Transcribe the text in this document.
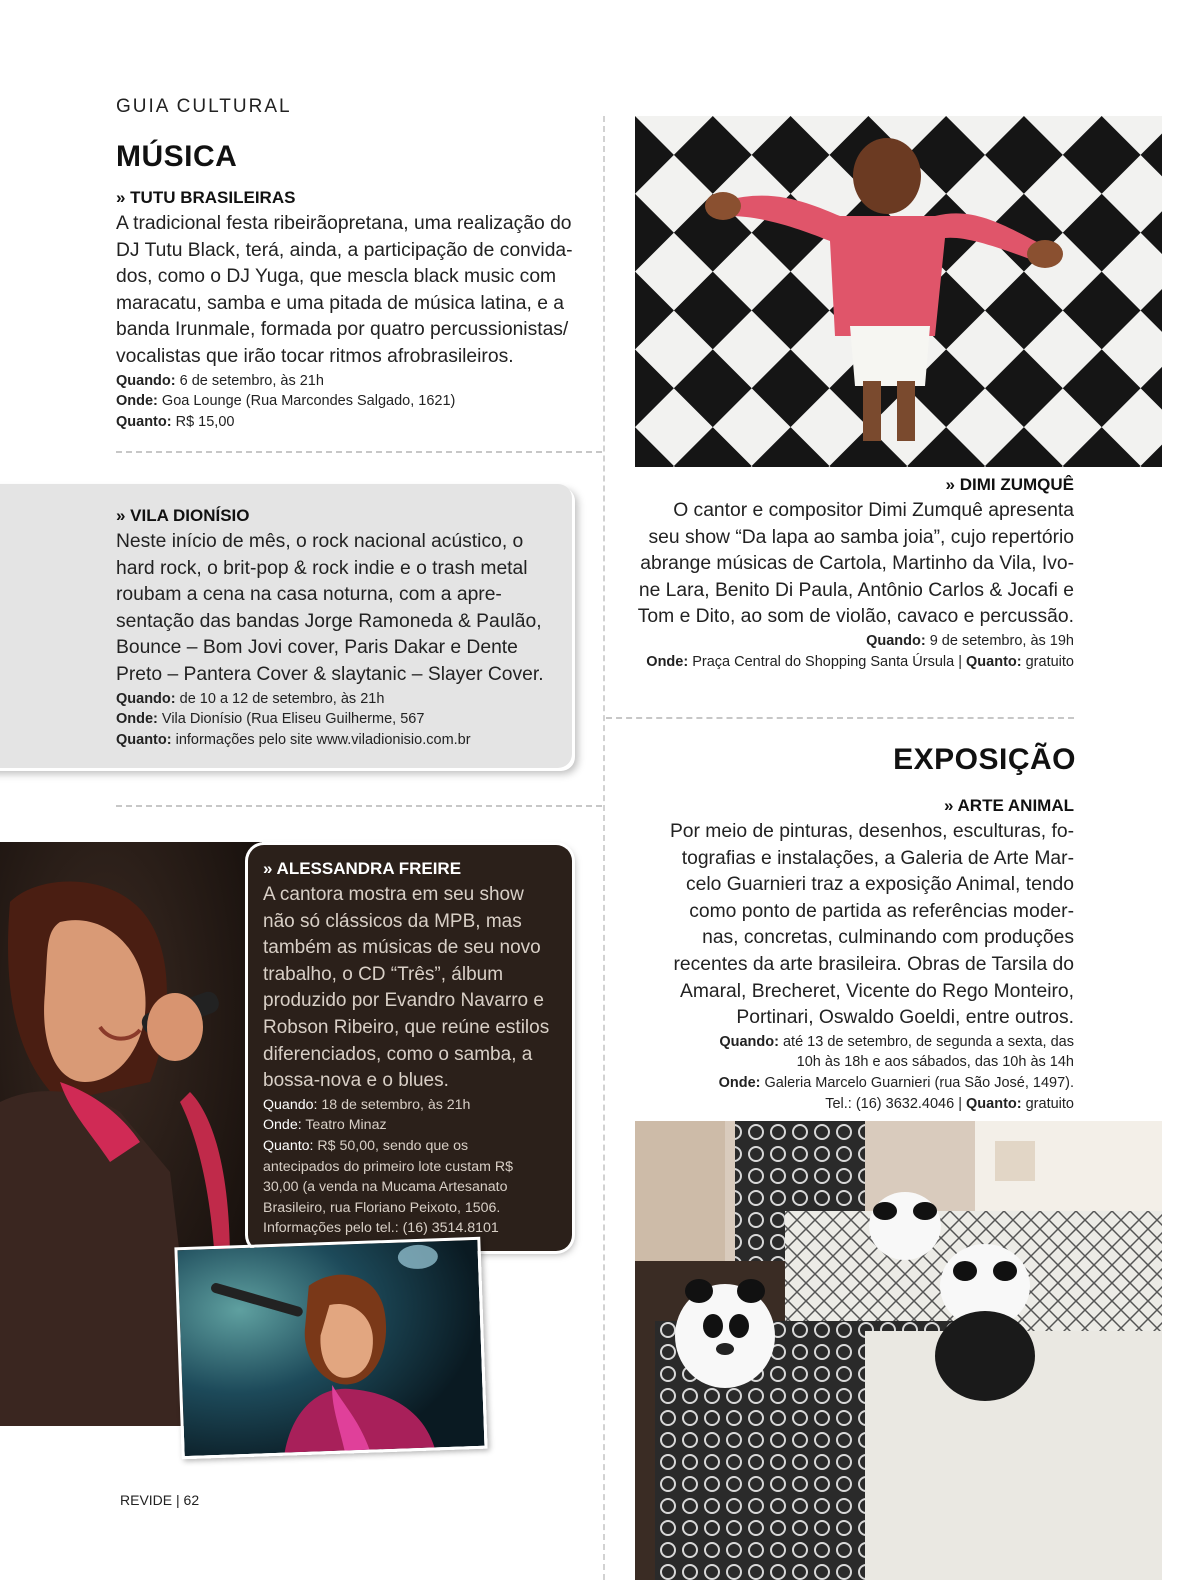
GUIA CULTURAL
MÚSICA
» TUTU BRASILEIRAS
A tradicional festa ribeirãopretana, uma realização do
DJ Tutu Black, terá, ainda, a participação de convida-
dos, como o DJ Yuga, que mescla black music com
maracatu, samba e uma pitada de música latina, e a
banda Irunmale, formada por quatro percussionistas/
vocalistas que irão tocar ritmos afrobrasileiros.
Quando: 6 de setembro, às 21h
Onde: Goa Lounge (Rua Marcondes Salgado, 1621)
Quanto: R$ 15,00
» VILA DIONÍSIO
Neste início de mês, o rock nacional acústico, o
hard rock, o brit-pop & rock indie e o trash metal
roubam a cena na casa noturna, com a apre-
sentação das bandas Jorge Ramoneda & Paulão,
Bounce – Bom Jovi cover, Paris Dakar e Dente
Preto – Pantera Cover & slaytanic – Slayer Cover.
Quando: de 10 a 12 de setembro, às 21h
Onde: Vila Dionísio (Rua Eliseu Guilherme, 567
Quanto: informações pelo site www.viladionisio.com.br
» ALESSANDRA FREIRE
A cantora mostra em seu show
não só clássicos da MPB, mas
também as músicas de seu novo
trabalho, o CD “Três”, álbum
produzido por Evandro Navarro e
Robson Ribeiro, que reúne estilos
diferenciados, como o samba, a
bossa-nova e o blues.
Quando: 18 de setembro, às 21h
Onde: Teatro Minaz
Quanto: R$ 50,00, sendo que os
antecipados do primeiro lote custam R$
30,00 (a venda na Mucama Artesanato
Brasileiro, rua Floriano Peixoto, 1506.
Informações pelo tel.: (16) 3514.8101
» DIMI ZUMQUÊ
O cantor e compositor Dimi Zumquê apresenta
seu show “Da lapa ao samba joia”, cujo repertório
abrange músicas de Cartola, Martinho da Vila, Ivo-
ne Lara, Benito Di Paula, Antônio Carlos & Jocafi e
Tom e Dito, ao som de violão, cavaco e percussão.
Quando: 9 de setembro, às 19h
Onde: Praça Central do Shopping Santa Úrsula | Quanto: gratuito
EXPOSIÇÃO
» ARTE ANIMAL
Por meio de pinturas, desenhos, esculturas, fo-
tografias e instalações, a Galeria de Arte Mar-
celo Guarnieri traz a exposição Animal, tendo
como ponto de partida as referências moder-
nas, concretas, culminando com produções
recentes da arte brasileira. Obras de Tarsila do
Amaral, Brecheret, Vicente do Rego Monteiro,
Portinari, Oswaldo Goeldi, entre outros.
Quando: até 13 de setembro, de segunda a sexta, das
10h às 18h e aos sábados, das 10h às 14h
Onde: Galeria Marcelo Guarnieri (rua São José, 1497).
Tel.: (16) 3632.4046 | Quanto: gratuito
REVIDE | 62
